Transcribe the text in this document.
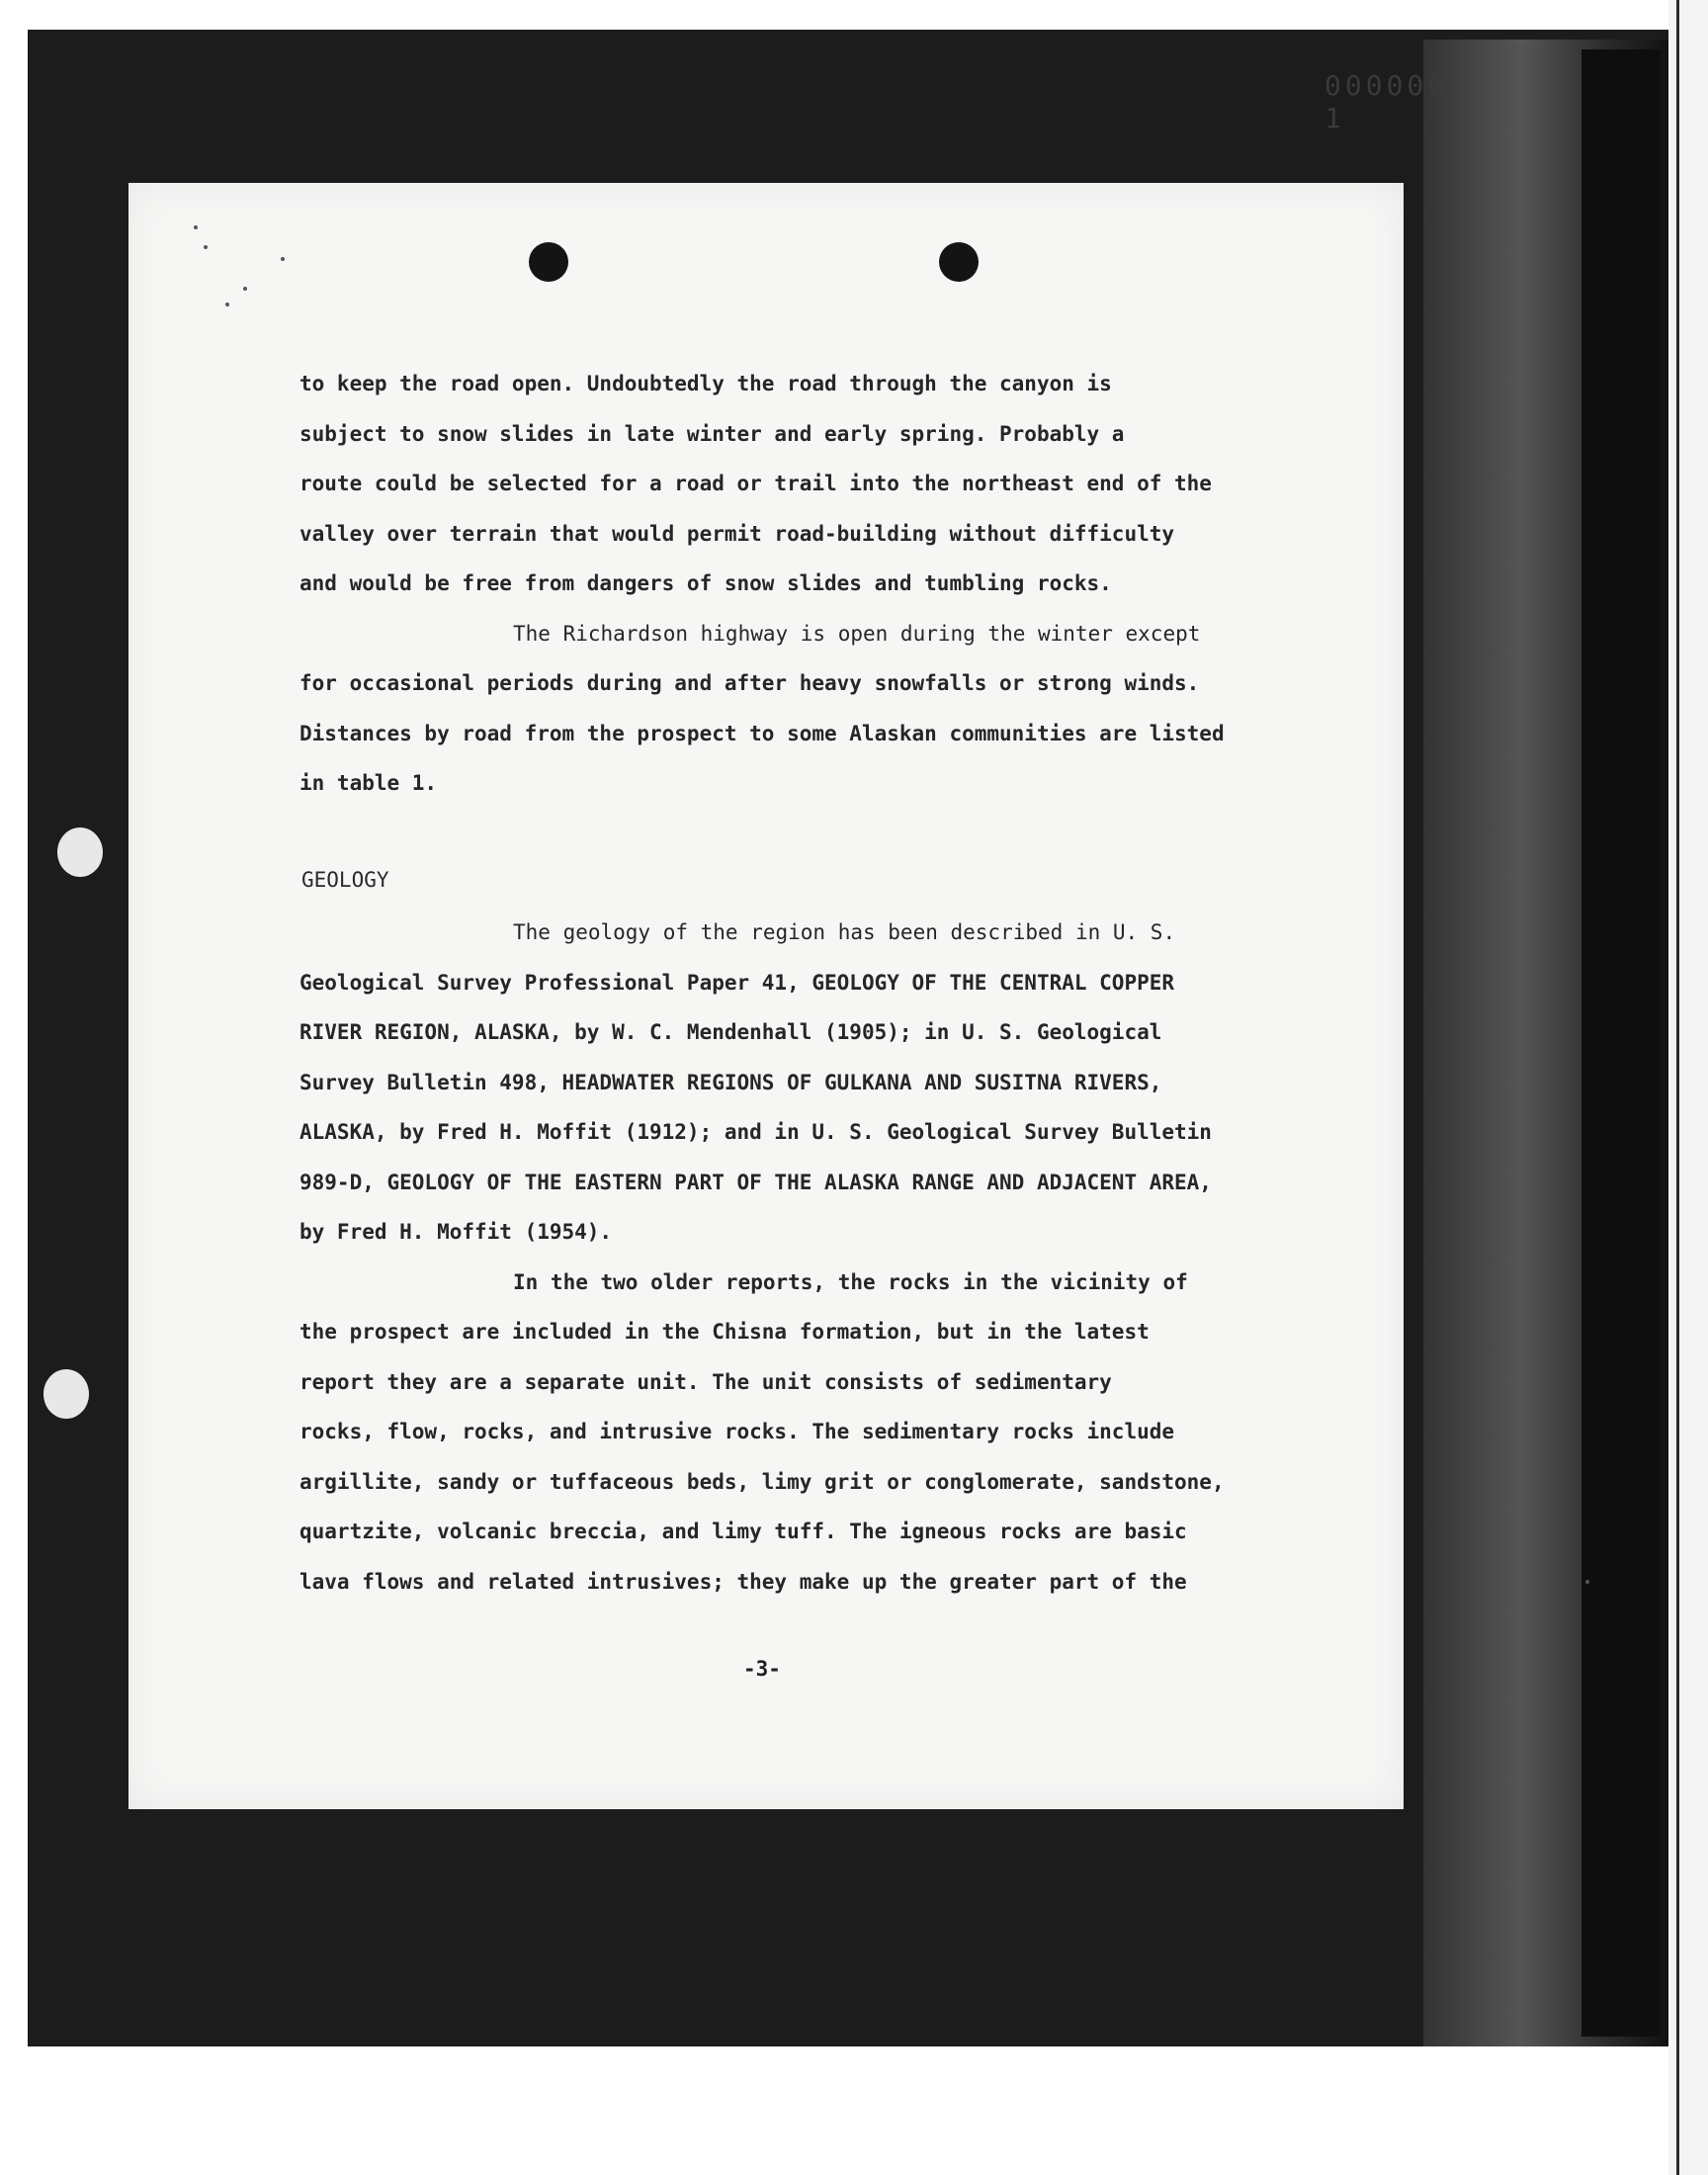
000000 1
to keep the road open. Undoubtedly the road through the canyon is
subject to snow slides in late winter and early spring. Probably a
route could be selected for a road or trail into the northeast end of the
valley over terrain that would permit road-building without difficulty
and would be free from dangers of snow slides and tumbling rocks.
The Richardson highway is open during the winter except
for occasional periods during and after heavy snowfalls or strong winds.
Distances by road from the prospect to some Alaskan communities are listed
in table 1.
GEOLOGY
The geology of the region has been described in U. S.
Geological Survey Professional Paper 41, GEOLOGY OF THE CENTRAL COPPER
RIVER REGION, ALASKA, by W. C. Mendenhall (1905); in U. S. Geological
Survey Bulletin 498, HEADWATER REGIONS OF GULKANA AND SUSITNA RIVERS,
ALASKA, by Fred H. Moffit (1912); and in U. S. Geological Survey Bulletin
989-D, GEOLOGY OF THE EASTERN PART OF THE ALASKA RANGE AND ADJACENT AREA,
by Fred H. Moffit (1954).
In the two older reports, the rocks in the vicinity of
the prospect are included in the Chisna formation, but in the latest
report they are a separate unit. The unit consists of sedimentary
rocks, flow, rocks, and intrusive rocks. The sedimentary rocks include
argillite, sandy or tuffaceous beds, limy grit or conglomerate, sandstone,
quartzite, volcanic breccia, and limy tuff. The igneous rocks are basic
lava flows and related intrusives; they make up the greater part of the
-3-
